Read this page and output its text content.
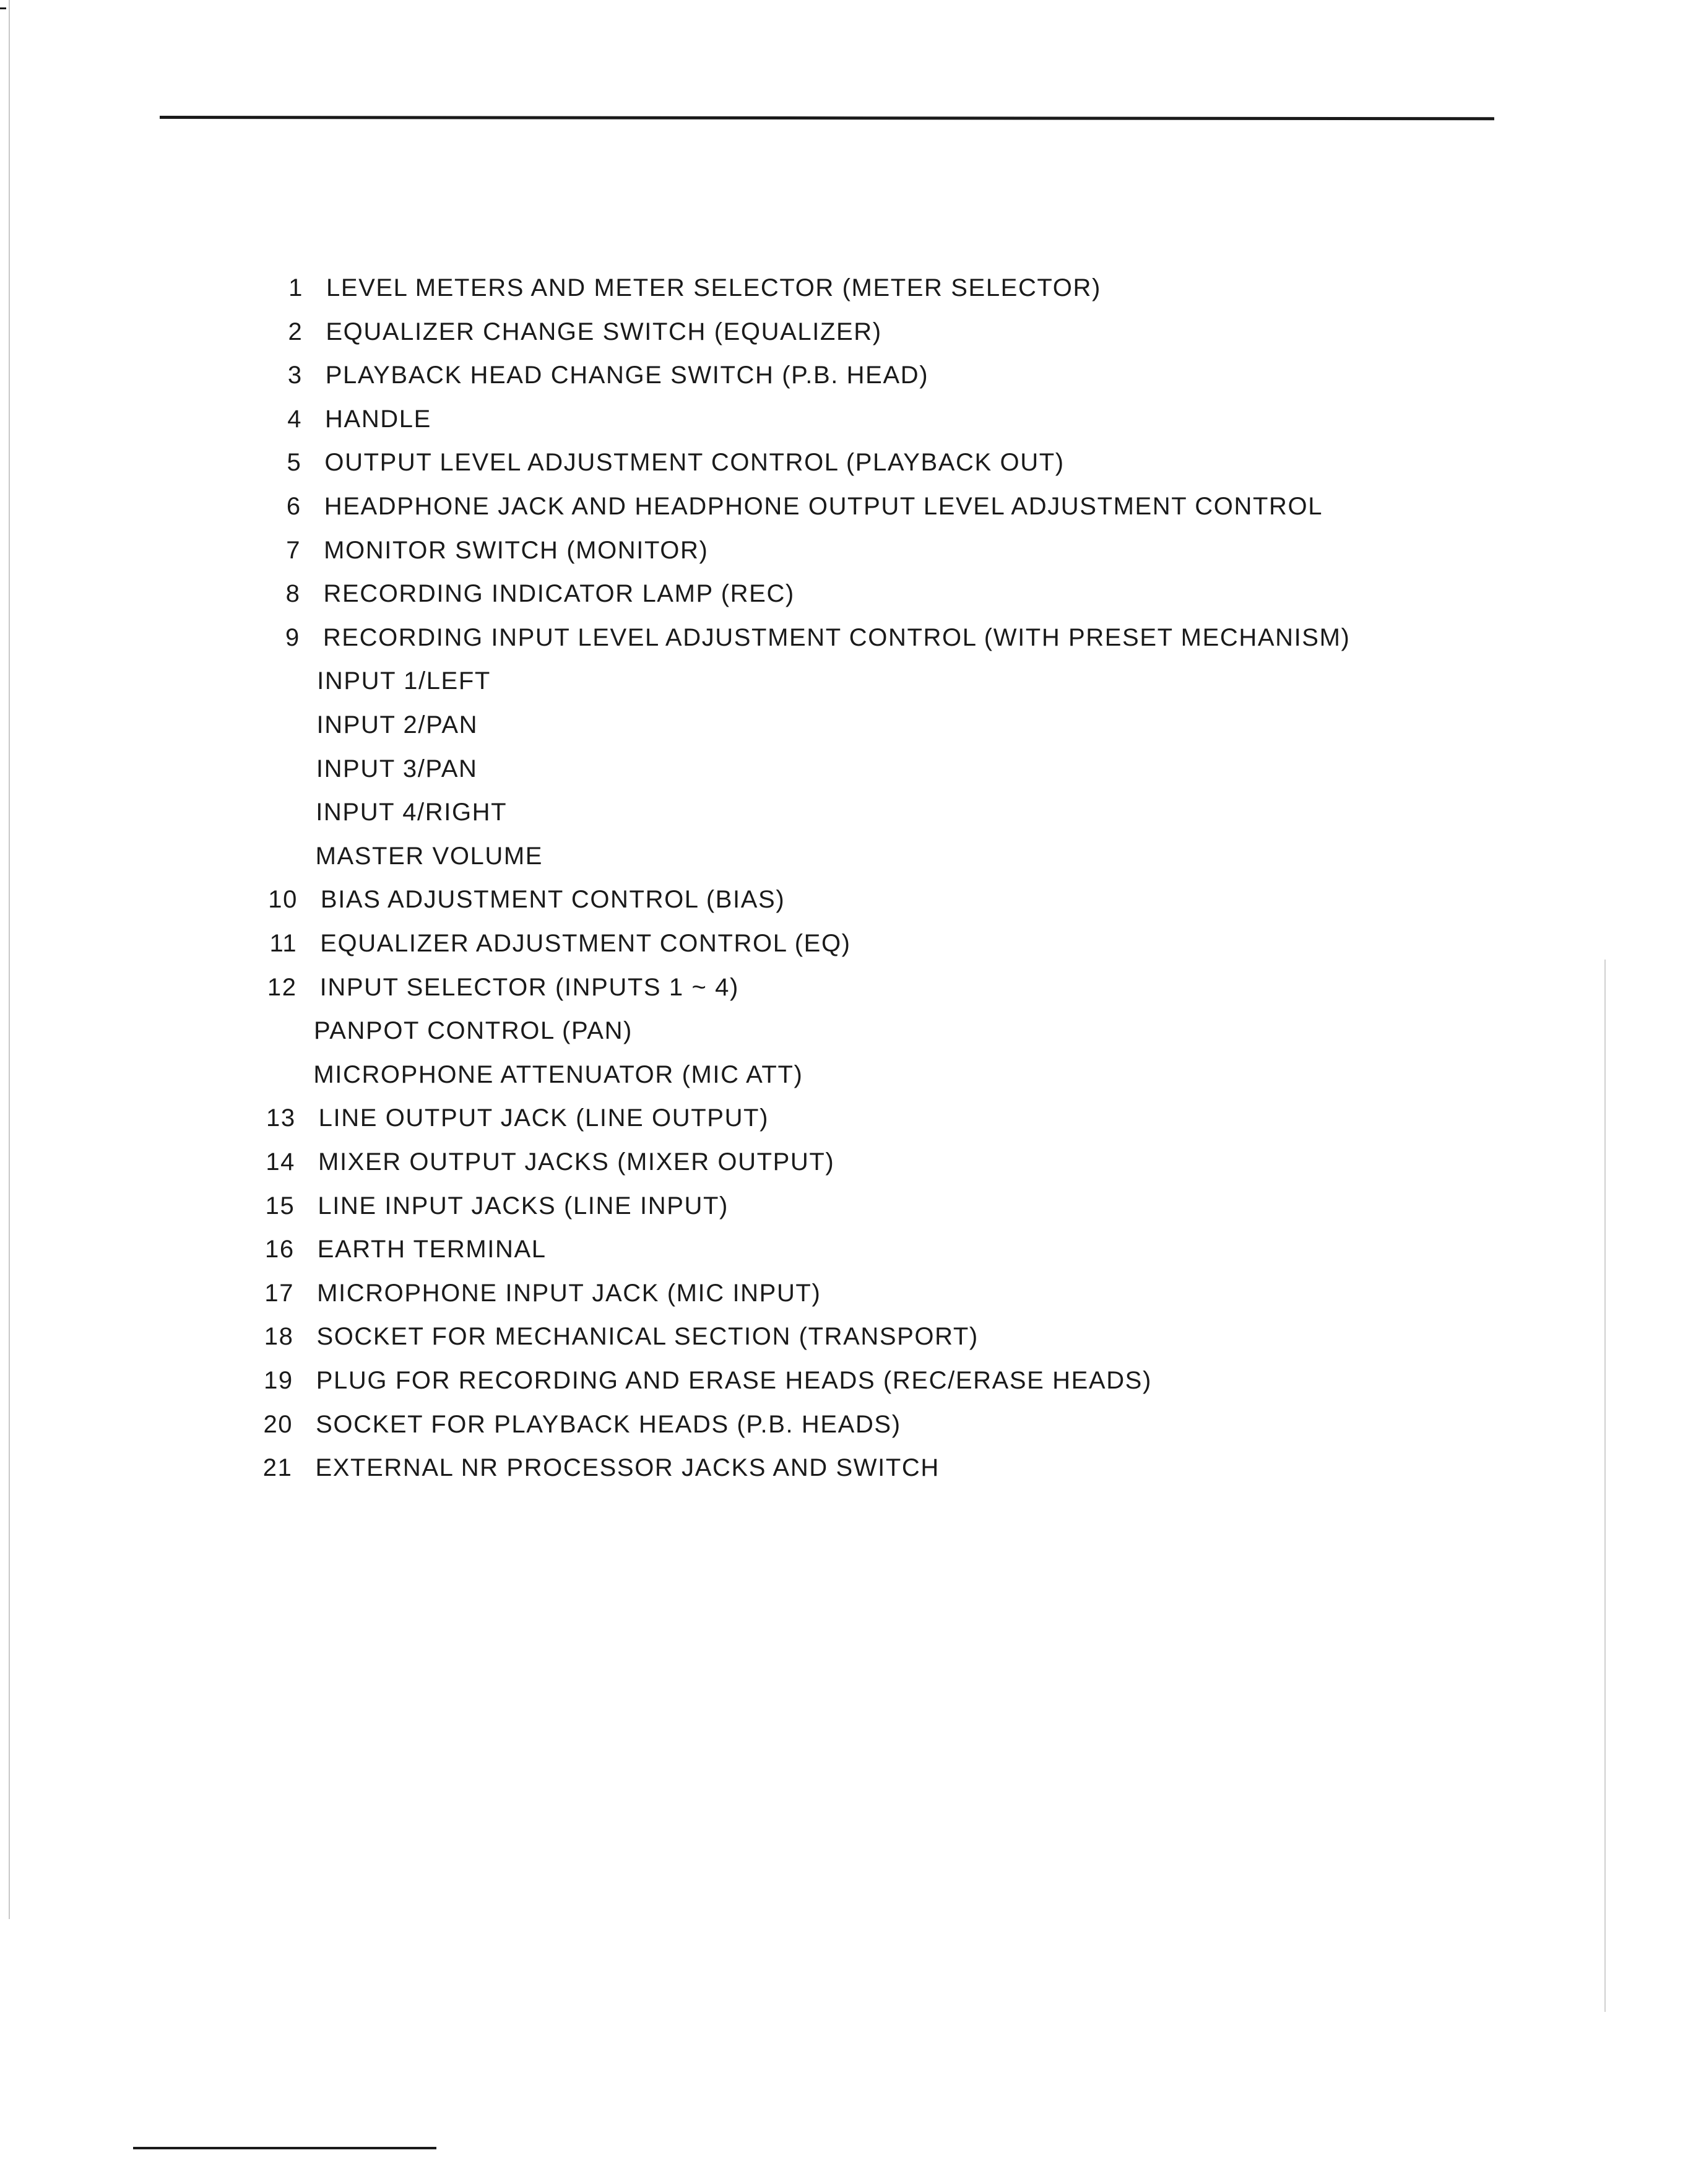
1 LEVEL METERS AND METER SELECTOR (METER SELECTOR)
2 EQUALIZER CHANGE SWITCH (EQUALIZER)
3 PLAYBACK HEAD CHANGE SWITCH (P.B. HEAD)
4 HANDLE
5 OUTPUT LEVEL ADJUSTMENT CONTROL (PLAYBACK OUT)
6 HEADPHONE JACK AND HEADPHONE OUTPUT LEVEL ADJUSTMENT CONTROL
7 MONITOR SWITCH (MONITOR)
8 RECORDING INDICATOR LAMP (REC)
9 RECORDING INPUT LEVEL ADJUSTMENT CONTROL (WITH PRESET MECHANISM)
INPUT 1/LEFT
INPUT 2/PAN
INPUT 3/PAN
INPUT 4/RIGHT
MASTER VOLUME
10 BIAS ADJUSTMENT CONTROL (BIAS)
11 EQUALIZER ADJUSTMENT CONTROL (EQ)
12 INPUT SELECTOR (INPUTS 1 ~ 4)
PANPOT CONTROL (PAN)
MICROPHONE ATTENUATOR (MIC ATT)
13 LINE OUTPUT JACK (LINE OUTPUT)
14 MIXER OUTPUT JACKS (MIXER OUTPUT)
15 LINE INPUT JACKS (LINE INPUT)
16 EARTH TERMINAL
17 MICROPHONE INPUT JACK (MIC INPUT)
18 SOCKET FOR MECHANICAL SECTION (TRANSPORT)
19 PLUG FOR RECORDING AND ERASE HEADS (REC/ERASE HEADS)
20 SOCKET FOR PLAYBACK HEADS (P.B. HEADS)
21 EXTERNAL NR PROCESSOR JACKS AND SWITCH
